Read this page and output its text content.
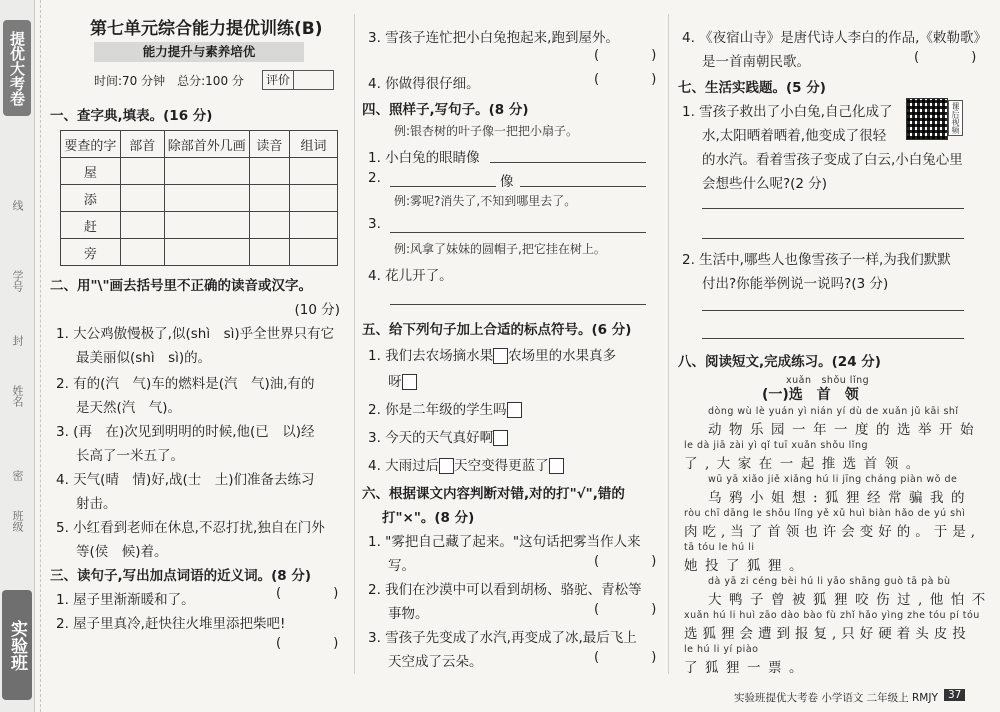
提优大考卷
线
学号
封
姓名
密
班级
实验班
第七单元综合能力提优训练(B)
能力提升与素养培优
时间:70 分钟　总分:100 分	评价
一、查字典,填表。(16 分)
要查的字	部首	除部首外几画	读音	组词
屋				
添				
赶				
旁				
二、用"\"画去括号里不正确的读音或汉字。
(10 分)
1. 大公鸡傲慢极了,似(shì　sì)乎全世界只有它
最美丽似(shì　sì)的。
2. 有的(汽　气)车的燃料是(汽　气)油,有的
是天然(汽　气)。
3. (再　在)次见到明明的时候,他(已　以)经
长高了一米五了。
4. 天气(晴　情)好,战(士　土)们准备去练习
射击。
5. 小红看到老师在休息,不忍打扰,独自在门外
等(侯　候)着。
三、读句子,写出加点词语的近义词。(8 分)
1. 屋子里渐渐暖和了。	( )
2. 屋子里真冷,赶快往火堆里添把柴吧!
( )
3. 雪孩子连忙把小白兔抱起来,跑到屋外。
( )
4. 你做得很仔细。	( )
四、照样子,写句子。(8 分)
例:银杏树的叶子像一把把小扇子。
1. 小白兔的眼睛像
2.	像
例:雾呢?消失了,不知到哪里去了。
3.
例:风拿了妹妹的圆帽子,把它挂在树上。
4. 花儿开了。
五、给下列句子加上合适的标点符号。(6 分)
1. 我们去农场摘水果 农场里的水果真多
呀
2. 你是二年级的学生吗
3. 今天的天气真好啊
4. 大雨过后 天空变得更蓝了
六、根据课文内容判断对错,对的打"√",错的
打"×"。(8 分)
1. "雾把自己藏了起来。"这句话把雾当作人来
写。	( )
2. 我们在沙漠中可以看到胡杨、骆驼、青松等
事物。	( )
3. 雪孩子先变成了水汽,再变成了冰,最后飞上
天空成了云朵。	( )
4. 《夜宿山寺》是唐代诗人李白的作品,《敕勒歌》
是一首南朝民歌。	( )
七、生活实践题。(5 分)
课后视频
1. 雪孩子救出了小白兔,自己化成了
水,太阳晒着晒着,他变成了很轻
的水汽。看着雪孩子变成了白云,小白兔心里
会想些什么呢?(2 分)
2. 生活中,哪些人也像雪孩子一样,为我们默默
付出?你能举例说一说吗?(3 分)
八、阅读短文,完成练习。(24 分)
xuǎn　shǒu lǐng
(一)选　首　领
dòng wù lè yuán yì nián yí dù de xuǎn jǔ kāi shǐ
动物乐园一年一度的选举开始
le dà jiā zài yì qǐ tuī xuǎn shǒu lǐng
了,大家在一起推选首领。
wū yā xiǎo jiě xiǎng hú li jīng cháng piàn wǒ de
乌鸦小姐想:狐狸经常骗我的
ròu chī dāng le shǒu lǐng yě xǔ huì biàn hǎo de yú shì
肉吃,当了首领也许会变好的。于是,
tā tóu le hú li
她投了狐狸。
dà yā zi céng bèi hú li yǎo shāng guò tā pà bù
大鸭子曾被狐狸咬伤过,他怕不
xuǎn hú li huì zāo dào bào fù zhǐ hǎo yìng zhe tóu pí tóu
选狐狸会遭到报复,只好硬着头皮投
le hú li yí piào
了狐狸一票。
实验班提优大考卷 小学语文 二年级上 RMJY 37
